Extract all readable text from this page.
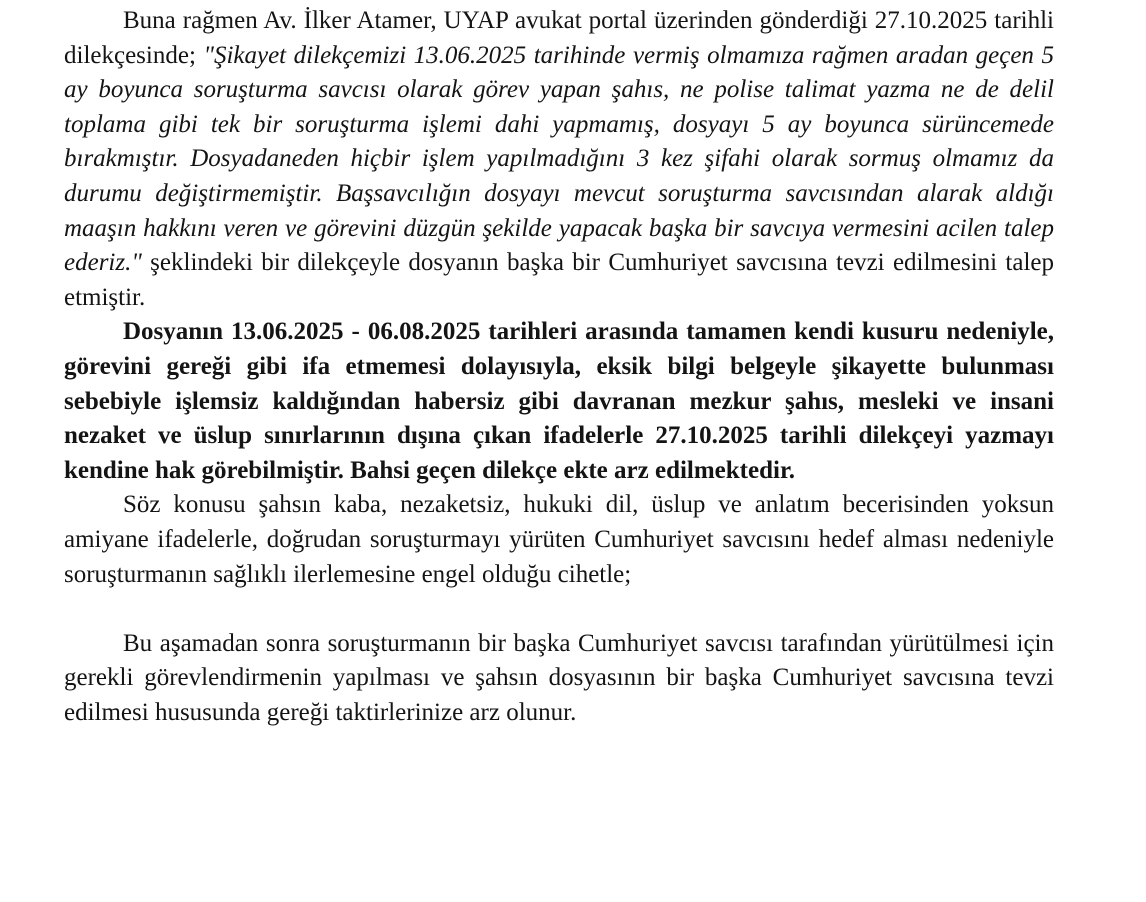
Buna rağmen Av. İlker Atamer, UYAP avukat portal üzerinden gönderdiği 27.10.2025 tarihli dilekçesinde; "Şikayet dilekçemizi 13.06.2025 tarihinde vermiş olmamıza rağmen aradan geçen 5 ay boyunca soruşturma savcısı olarak görev yapan şahıs, ne polise talimat yazma ne de delil toplama gibi tek bir soruşturma işlemi dahi yapmamış, dosyayı 5 ay boyunca sürüncemede bırakmıştır. Dosyadaneden hiçbir işlem yapılmadığını 3 kez şifahi olarak sormuş olmamız da durumu değiştirmemiştir. Başsavcılığın dosyayı mevcut soruşturma savcısından alarak aldığı maaşın hakkını veren ve görevini düzgün şekilde yapacak başka bir savcıya vermesini acilen talep ederiz." şeklindeki bir dilekçeyle dosyanın başka bir Cumhuriyet savcısına tevzi edilmesini talep etmiştir.

Dosyanın 13.06.2025 - 06.08.2025 tarihleri arasında tamamen kendi kusuru nedeniyle, görevini gereği gibi ifa etmemesi dolayısıyla, eksik bilgi belgeyle şikayette bulunması sebebiyle işlemsiz kaldığından habersiz gibi davranan mezkur şahıs, mesleki ve insani nezaket ve üslup sınırlarının dışına çıkan ifadelerle 27.10.2025 tarihli dilekçeyi yazmayı kendine hak görebilmiştir. Bahsi geçen dilekçe ekte arz edilmektedir.

Söz konusu şahsın kaba, nezaketsiz, hukuki dil, üslup ve anlatım becerisinden yoksun amiyane ifadelerle, doğrudan soruşturmayı yürüten Cumhuriyet savcısını hedef alması nedeniyle soruşturmanın sağlıklı ilerlemesine engel olduğu cihetle;

Bu aşamadan sonra soruşturmanın bir başka Cumhuriyet savcısı tarafından yürütülmesi için gerekli görevlendirmenin yapılması ve şahsın dosyasının bir başka Cumhuriyet savcısına tevzi edilmesi hususunda gereği taktirlerinize arz olunur.
